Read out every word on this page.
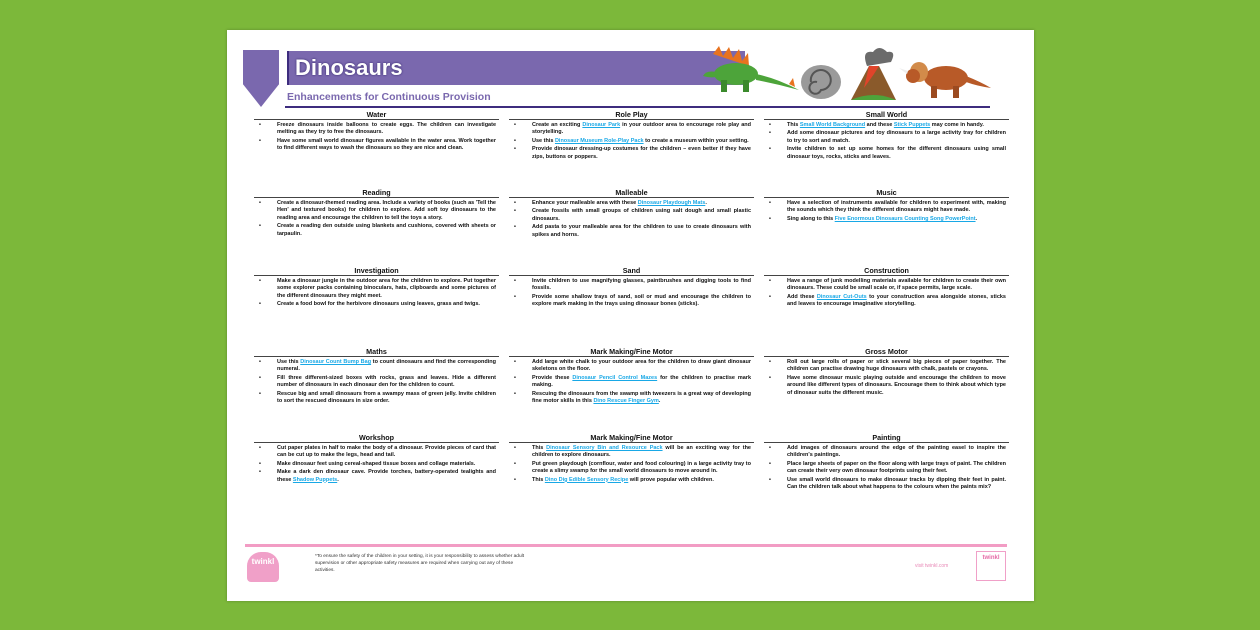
Dinosaurs
Enhancements for Continuous Provision
Water
• Freeze dinosaurs inside balloons to create eggs. The children can investigate melting as they try to free the dinosaurs.
• Have some small world dinosaur figures available in the water area. Work together to find different ways to wash the dinosaurs so they are nice and clean.
Reading
• Create a dinosaur-themed reading area. Include a variety of books (such as 'Tell the Hen' and textured books) for children to explore. Add soft toy dinosaurs to the reading area and encourage the children to tell the toys a story.
• Create a reading den outside using blankets and cushions, covered with sheets or tarpaulin.
Investigation
• Make a dinosaur jungle in the outdoor area for the children to explore. Put together some explorer packs containing binoculars, hats, clipboards and some pictures of the different dinosaurs they might meet.
• Create a food bowl for the herbivore dinosaurs using leaves, grass and twigs.
Maths
• Use this Dinosaur Count Bump Bag to count dinosaurs and find the corresponding numeral.
• Fill three different-sized boxes with rocks, grass and leaves. Hide a different number of dinosaurs in each dinosaur den for the children to count.
• Rescue big and small dinosaurs from a swampy mass of green jelly. Invite children to sort the rescued dinosaurs in size order.
Workshop
• Cut paper plates in half to make the body of a dinosaur. Provide pieces of card that can be cut up to make the legs, head and tail.
• Make dinosaur feet using cereal-shaped tissue boxes and collage materials.
• Make a dark den dinosaur cave. Provide torches, battery-operated tealights and these Shadow Puppets.
Role Play
• Create an exciting Dinosaur Park in your outdoor area to encourage role play and storytelling.
• Use this Dinosaur Museum Role-Play Pack to create a museum within your setting.
• Provide dinosaur dressing-up costumes for the children – even better if they have zips, buttons or poppers.
Malleable
• Enhance your malleable area with these Dinosaur Playdough Mats.
• Create fossils with small groups of children using salt dough and small plastic dinosaurs.
• Add pasta to your malleable area for the children to use to create dinosaurs with spikes and horns.
Sand
• Invite children to use magnifying glasses, paintbrushes and digging tools to find fossils.
• Provide some shallow trays of sand, soil or mud and encourage the children to explore mark making in the trays using dinosaur bones (sticks).
Mark Making/Fine Motor
• Add large white chalk to your outdoor area for the children to draw giant dinosaur skeletons on the floor.
• Provide these Dinosaur Pencil Control Mazes for the children to practise mark making.
• Rescuing the dinosaurs from the swamp with tweezers is a great way of developing fine motor skills in this Dino Rescue Finger Gym.
Mark Making/Fine Motor
• This Dinosaur Sensory Bin and Resource Pack will be an exciting way for the children to explore dinosaurs.
• Put green playdough (cornflour, water and food colouring) in a large activity tray to create a slimy swamp for the small world dinosaurs to move around in.
• This Dino Dig Edible Sensory Recipe will prove popular with children.
Small World
• This Small World Background and these Stick Puppets may come in handy.
• Add some dinosaur pictures and toy dinosaurs to a large activity tray for children to try to sort and match.
• Invite children to set up some homes for the different dinosaurs using small dinosaur toys, rocks, sticks and leaves.
Music
• Have a selection of instruments available for children to experiment with, making the sounds which they think the different dinosaurs might have made.
• Sing along to this Five Enormous Dinosaurs Counting Song PowerPoint.
Construction
• Have a range of junk modelling materials available for children to create their own dinosaurs. These could be small scale or, if space permits, large scale.
• Add these Dinosaur Cut-Outs to your construction area alongside stones, sticks and leaves to encourage imaginative storytelling.
Gross Motor
• Roll out large rolls of paper or stick several big pieces of paper together. The children can practise drawing huge dinosaurs with chalk, pastels or crayons.
• Have some dinosaur music playing outside and encourage the children to move around like different types of dinosaurs. Encourage them to think about which type of dinosaur suits the different music.
Painting
• Add images of dinosaurs around the edge of the painting easel to inspire the children's paintings.
• Place large sheets of paper on the floor along with large trays of paint. The children can create their very own dinosaur footprints using their feet.
• Use small world dinosaurs to make dinosaur tracks by dipping their feet in paint. Can the children talk about what happens to the colours when the paints mix?
twinkl
*To ensure the safety of the children in your setting, it is your responsibility to assess whether adult supervision or other appropriate safety measures are required when carrying out any of these activities.
visit twinkl.com
twinkl
